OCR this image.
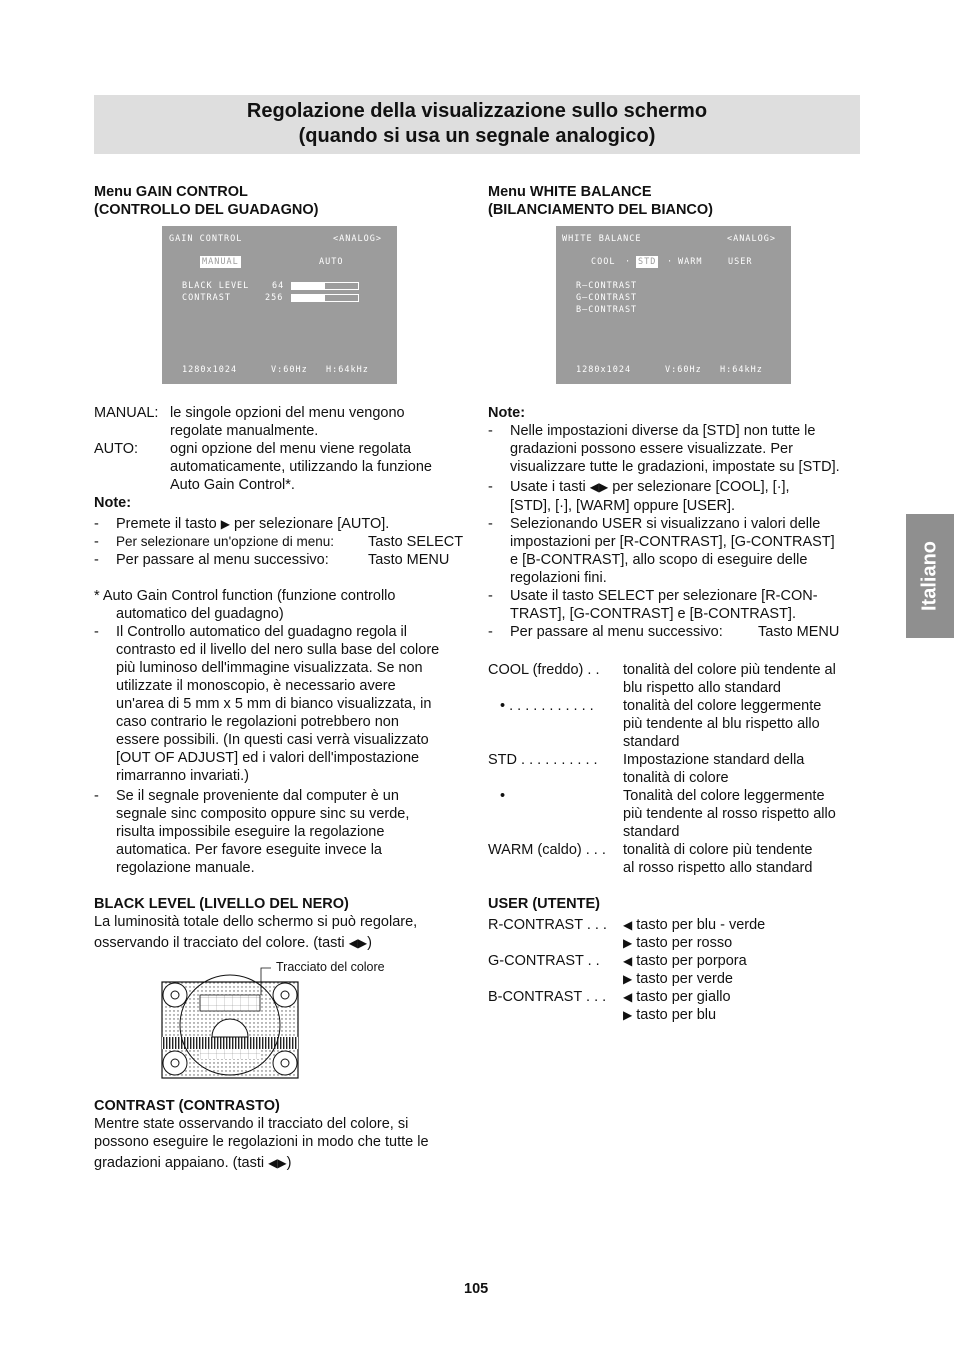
Regolazione della visualizzazione sullo schermo
(quando si usa un segnale analogico)
Italiano
Menu GAIN CONTROL
(CONTROLLO DEL GUADAGNO)
GAIN CONTROL	<ANALOG>
MANUAL	AUTO
BLACK LEVEL	64
CONTRAST	256
1280x1024	V:60Hz H:64kHz
MANUAL: le singole opzioni del menu vengono
regolate manualmente.
AUTO: ogni opzione del menu viene regolata
automaticamente, utilizzando la funzione
Auto Gain Control*.
Note:
- Premete il tasto ▶ per selezionare [AUTO].
- Per selezionare un'opzione di menu: Tasto SELECT
- Per passare al menu successivo:	Tasto MENU
* Auto Gain Control function (funzione controllo
automatico del guadagno)
- Il Controllo automatico del guadagno regola il
contrasto ed il livello del nero sulla base del colore
più luminoso dell'immagine visualizzata. Se non
utilizzate il monoscopio, è necessario avere
un'area di 5 mm x 5 mm di bianco visualizzata, in
caso contrario le regolazioni potrebbero non
essere possibili. (In questi casi verrà visualizzato
[OUT OF ADJUST] ed i valori dell'impostazione
rimarranno invariati.)
- Se il segnale proveniente dal computer è un
segnale sinc composito oppure sinc su verde,
risulta impossibile eseguire la regolazione
automatica. Per favore eseguite invece la
regolazione manuale.
BLACK LEVEL (LIVELLO DEL NERO)
La luminosità totale dello schermo si può regolare,
osservando il tracciato del colore. (tasti ◀▶)
Tracciato del colore
CONTRAST (CONTRASTO)
Mentre state osservando il tracciato del colore, si
possono eseguire le regolazioni in modo che tutte le
gradazioni appaiano. (tasti ◀▶)
Menu WHITE BALANCE
(BILANCIAMENTO DEL BIANCO)
WHITE BALANCE	<ANALOG>
COOL · STD · WARM	USER
R–CONTRAST
G–CONTRAST
B–CONTRAST
1280x1024	V:60Hz H:64kHz
Note:
- Nelle impostazioni diverse da [STD] non tutte le
gradazioni possono essere visualizzate. Per
visualizzare tutte le gradazioni, impostate su [STD].
- Usate i tasti ◀▶ per selezionare [COOL], [·],
[STD], [·], [WARM] oppure [USER].
- Selezionando USER si visualizzano i valori delle
impostazioni per [R-CONTRAST], [G-CONTRAST]
e [B-CONTRAST], allo scopo di eseguire delle
regolazioni fini.
- Usate il tasto SELECT per selezionare [R-CON-
TRAST], [G-CONTRAST] e [B-CONTRAST].
- Per passare al menu successivo: Tasto MENU
COOL (freddo) . . tonalità del colore più tendente al
blu rispetto allo standard
• . . . . . . . . . . . tonalità del colore leggermente
più tendente al blu rispetto allo
standard
STD . . . . . . . . . . Impostazione standard della
tonalità di colore
•	Tonalità del colore leggermente
più tendente al rosso rispetto allo
standard
WARM (caldo) . . . tonalità di colore più tendente
al rosso rispetto allo standard
USER (UTENTE)
R-CONTRAST . . . ◀ tasto per blu - verde
▶ tasto per rosso
G-CONTRAST . . ◀ tasto per porpora
▶ tasto per verde
B-CONTRAST . . . ◀ tasto per giallo
▶ tasto per blu
105
